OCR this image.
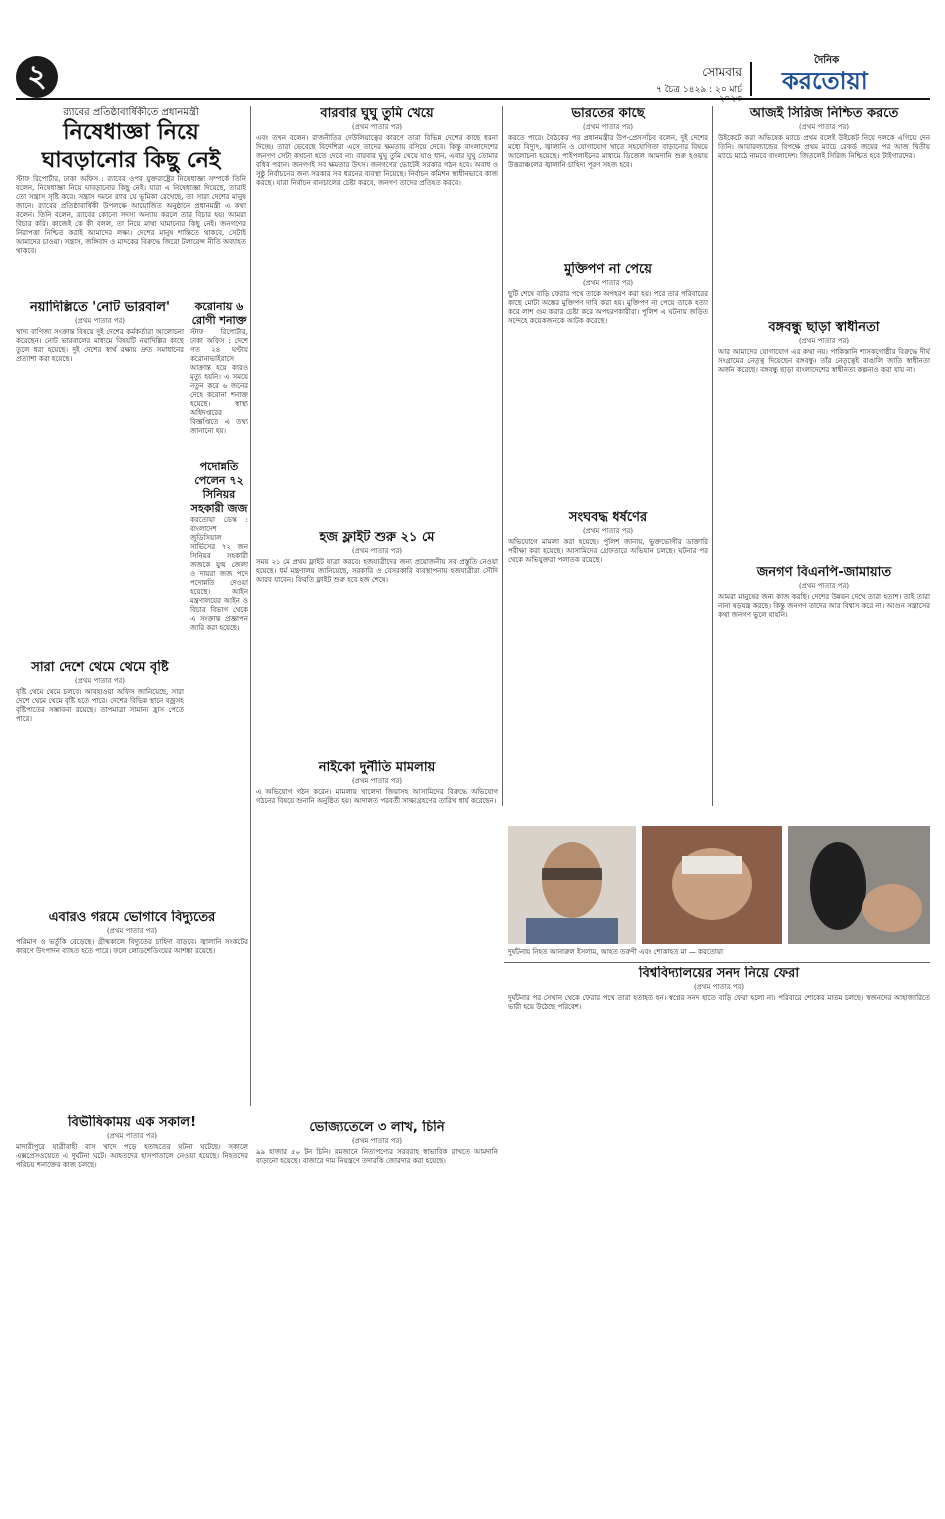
২	সোমবার
৭ চৈত্র ১৪২৯ : ২০ মার্চ
দৈনিক
করতোয়া
র‌্যাবের প্রতিষ্ঠাবার্ষিকীতে প্রধানমন্ত্রী
নিষেধাজ্ঞা নিয়ে ঘাবড়ানোর কিছু নেই
স্টাফ রিপোর্টার, ঢাকা অফিস : র‌্যাবের ওপর যুক্তরাষ্ট্রের নিষেধাজ্ঞা সম্পর্কে তিনি বলেন, নিষেধাজ্ঞা নিয়ে ঘাবড়ানোর কিছু নেই। যারা এ নিষেধাজ্ঞা দিয়েছে, তারাই তো সন্ত্রাস সৃষ্টি করে। সন্ত্রাস দমনে র‌্যাব যে ভূমিকা রেখেছে, তা সারা দেশের মানুষ জানে। র‌্যাবের প্রতিষ্ঠাবার্ষিকী উপলক্ষে আয়োজিত অনুষ্ঠানে প্রধানমন্ত্রী এ কথা বলেন। তিনি বলেন, র‌্যাবের কোনো সদস্য অন্যায় করলে তার বিচার হয়। আমরা বিচার করি। কাজেই কে কী বলল, তা নিয়ে মাথা ঘামানোর কিছু নেই। জনগণের নিরাপত্তা নিশ্চিত করাই আমাদের লক্ষ্য। দেশের মানুষ শান্তিতে থাকবে, সেটাই আমাদের চাওয়া। সন্ত্রাস, জঙ্গিবাদ ও মাদকের বিরুদ্ধে জিরো টলারেন্স নীতি অব্যাহত থাকবে।
করোনায় ৬ রোগী শনাক্ত
স্টাফ রিপোর্টার, ঢাকা অফিস : দেশে গত ২৪ ঘণ্টায় করোনাভাইরাসে আক্রান্ত হয়ে কারও মৃত্যু হয়নি। এ সময়ে নতুন করে ৬ জনের দেহে করোনা শনাক্ত হয়েছে। স্বাস্থ্য অধিদপ্তরের বিজ্ঞপ্তিতে এ তথ্য জানানো হয়।
নয়াদিল্লিতে 'নোট ভারবাল'
(প্রথম পাতার পর)
খাদ্য বাণিজ্য সংক্রান্ত বিষয়ে দুই দেশের কর্মকর্তারা আলোচনা করেছেন। নোট ভারবালের মাধ্যমে বিষয়টি নয়াদিল্লির কাছে তুলে ধরা হয়েছে। দুই দেশের স্বার্থ রক্ষায় দ্রুত সমাধানের প্রত্যাশা করা হয়েছে।
পদোন্নতি পেলেন ৭২ সিনিয়র সহকারী জজ
করতোয়া ডেস্ক : বাংলাদেশ জুডিসিয়াল সার্ভিসের ৭২ জন সিনিয়র সহকারী জজকে যুগ্ম জেলা ও দায়রা জজ পদে পদোন্নতি দেওয়া হয়েছে। আইন মন্ত্রণালয়ের আইন ও বিচার বিভাগ থেকে এ সংক্রান্ত প্রজ্ঞাপন জারি করা হয়েছে।
সারা দেশে থেমে থেমে বৃষ্টি
(প্রথম পাতার পর)
বৃষ্টি থেমে থেমে চলবে। আবহাওয়া অফিস জানিয়েছে, সারা দেশে থেমে থেমে বৃষ্টি হতে পারে। দেশের বিভিন্ন স্থানে বজ্রসহ বৃষ্টিপাতের সম্ভাবনা রয়েছে। তাপমাত্রা সামান্য হ্রাস পেতে পারে।
এবারও গরমে ভোগাবে বিদ্যুতের
(প্রথম পাতার পর)
পরিমাণ ও ভর্তুকি বেড়েছে। গ্রীষ্মকালে বিদ্যুতের চাহিদা বাড়বে। জ্বালানি সংকটের কারণে উৎপাদন ব্যাহত হতে পারে। ফলে লোডশেডিংয়ের আশঙ্কা রয়েছে।
বিভীষিকাময় এক সকাল!
(প্রথম পাতার পর)
মাদারীপুরে যাত্রীবাহী বাস খাদে পড়ে হতাহতের ঘটনা ঘটেছে। সকালে এক্সপ্রেসওয়েতে এ দুর্ঘটনা ঘটে। আহতদের হাসপাতালে নেওয়া হয়েছে। নিহতদের পরিচয় শনাক্তের কাজ চলছে।
বারবার ঘুঘু তুমি খেয়ে
(প্রথম পাতার পর)
এবং তখন বলেন। রাজনীতির দেউলিয়াত্বের কারণে তারা বিভিন্ন দেশের কাছে ধরনা দিচ্ছে। তারা ভেবেছে বিদেশিরা এসে তাদের ক্ষমতায় বসিয়ে দেবে। কিন্তু বাংলাদেশের জনগণ সেটা কখনো হতে দেবে না। বারবার ঘুঘু তুমি খেয়ে যাও ধান, এবার ঘুঘু তোমার বধিব পরান। জনগণই সব ক্ষমতার উৎস। জনগণের ভোটেই সরকার গঠন হবে। অবাধ ও সুষ্ঠু নির্বাচনের জন্য সরকার সব ধরনের ব্যবস্থা নিয়েছে। নির্বাচন কমিশন স্বাধীনভাবে কাজ করছে। যারা নির্বাচন বানচালের চেষ্টা করবে, জনগণ তাদের প্রতিহত করবে।
হজ ফ্লাইট শুরু ২১ মে
(প্রথম পাতার পর)
সময় ২১ মে প্রথম ফ্লাইট যাত্রা করবে। হজযাত্রীদের জন্য প্রয়োজনীয় সব প্রস্তুতি নেওয়া হয়েছে। ধর্ম মন্ত্রণালয় জানিয়েছে, সরকারি ও বেসরকারি ব্যবস্থাপনায় হজযাত্রীরা সৌদি আরব যাবেন। ফিরতি ফ্লাইট শুরু হবে হজ শেষে।
নাইকো দুর্নীতি মামলায়
(প্রথম পাতার পর)
এ অভিযোগ গঠন করেন। মামলায় খালেদা জিয়াসহ আসামিদের বিরুদ্ধে অভিযোগ গঠনের বিষয়ে শুনানি অনুষ্ঠিত হয়। আদালত পরবর্তী সাক্ষ্যগ্রহণের তারিখ ধার্য করেছেন।
ভোজ্যতেলে ৩ লাখ, চিনি
(প্রথম পাতার পর)
৯৯ হাজার ৫০ টন চিনি। রমজানে নিত্যপণ্যের সরবরাহ স্বাভাবিক রাখতে আমদানি বাড়ানো হয়েছে। বাজারে দাম নিয়ন্ত্রণে তদারকি জোরদার করা হয়েছে।
ভারতের কাছে
(প্রথম পাতার পর)
করতে পারে। বৈঠকের পর প্রধানমন্ত্রীর উপ-প্রেসসচিব বলেন, দুই দেশের মধ্যে বিদ্যুৎ, জ্বালানি ও যোগাযোগ খাতে সহযোগিতা বাড়ানোর বিষয়ে আলোচনা হয়েছে। পাইপলাইনের মাধ্যমে ডিজেল আমদানি শুরু হওয়ায় উত্তরাঞ্চলের জ্বালানি চাহিদা পূরণ সহজ হবে।
মুক্তিপণ না পেয়ে
(প্রথম পাতার পর)
ছুটি শেষে বাড়ি ফেরার পথে তাকে অপহরণ করা হয়। পরে তার পরিবারের কাছে মোটা অঙ্কের মুক্তিপণ দাবি করা হয়। মুক্তিপণ না পেয়ে তাকে হত্যা করে লাশ গুম করার চেষ্টা করে অপহরণকারীরা। পুলিশ এ ঘটনায় জড়িত সন্দেহে কয়েকজনকে আটক করেছে।
সংঘবদ্ধ ধর্ষণের
(প্রথম পাতার পর)
অভিযোগে মামলা করা হয়েছে। পুলিশ জানায়, ভুক্তভোগীর ডাক্তারি পরীক্ষা করা হয়েছে। আসামিদের গ্রেফতারে অভিযান চলছে। ঘটনার পর থেকে অভিযুক্তরা পলাতক রয়েছে।
আজই সিরিজ নিশ্চিত করতে
(প্রথম পাতার পর)
উইকেটে করা অভিষেক ম্যাচে প্রথম বলেই উইকেট নিয়ে দলকে এগিয়ে দেন তিনি। আয়ারল্যান্ডের বিপক্ষে প্রথম ম্যাচে রেকর্ড জয়ের পর আজ দ্বিতীয় ম্যাচে মাঠে নামবে বাংলাদেশ। জিতলেই সিরিজ নিশ্চিত হবে টাইগারদের।
বঙ্গবন্ধু ছাড়া স্বাধীনতা
(প্রথম পাতার পর)
আর আমাদের যোগাযোগ এর কথা নয়। পাকিস্তানি শাসকগোষ্ঠীর বিরুদ্ধে দীর্ঘ সংগ্রামের নেতৃত্ব দিয়েছেন বঙ্গবন্ধু। তাঁর নেতৃত্বেই বাঙালি জাতি স্বাধীনতা অর্জন করেছে। বঙ্গবন্ধু ছাড়া বাংলাদেশের স্বাধীনতা কল্পনাও করা যায় না।
জনগণ বিএনপি-জামায়াত
(প্রথম পাতার পর)
আমরা মানুষের জন্য কাজ করছি। দেশের উন্নয়ন দেখে তারা হতাশ। তাই তারা নানা ষড়যন্ত্র করছে। কিন্তু জনগণ তাদের আর বিশ্বাস করে না। আগুন সন্ত্রাসের কথা জনগণ ভুলে যায়নি।
দুর্ঘটনায় নিহত আনারুল ইসলাম, আহত তরুণী এবং শোকাহত মা — করতোয়া
বিশ্ববিদ্যালয়ের সনদ নিয়ে ফেরা
(প্রথম পাতার পর)
দুর্ঘটনার পর সেখান থেকে ফেরার পথে তারা হতাহত হন। স্বপ্নের সনদ হাতে বাড়ি ফেরা হলো না। পরিবারে শোকের মাতম চলছে। স্বজনদের আহাজারিতে ভারী হয়ে উঠেছে পরিবেশ।
